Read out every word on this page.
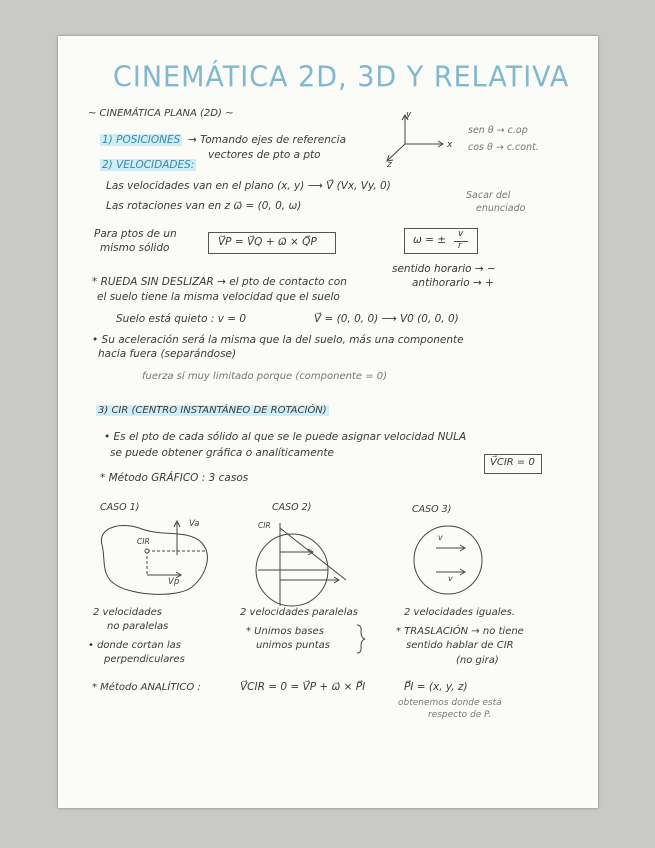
CINEMÁTICA 2D, 3D Y RELATIVA
~ CINEMÁTICA PLANA (2D) ~
1) POSICIONES → Tomando ejes de referencia
vectores de pto a pto
y
x
z
sen θ → c.op
cos θ → c.cont.
2) VELOCIDADES:
Las velocidades van en el plano (x, y) ⟶ V⃗ (Vx, Vy, 0)
Las rotaciones van en z ω⃗ = (0, 0, ω)
Sacar del
enunciado
Para ptos de un
mismo sólido	V⃗P = V⃗Q + ω⃗ × Q⃗P	ω = ± v
r
sentido horario → −
antihorario → +
* RUEDA SIN DESLIZAR → el pto de contacto con
el suelo tiene la misma velocidad que el suelo
Suelo está quieto : v = 0	V⃗ = (0, 0, 0) ⟶ V0 (0, 0, 0)
• Su aceleración será la misma que la del suelo, más una componente
hacia fuera (separándose)
fuerza sí muy limitado porque (componente = 0)
3) CIR (CENTRO INSTANTÁNEO DE ROTACIÓN)
• Es el pto de cada sólido al que se le puede asignar velocidad NULA
se puede obtener gráfica o analíticamente
V⃗CIR = 0
* Método GRÁFICO : 3 casos
CASO 1)	CASO 2)	CASO 3)
Va
Vp
CIR
CIR
v
v
2 velocidades
no paralelas
• donde cortan las
perpendiculares
2 velocidades paralelas
* Unimos bases
unimos puntas
2 velocidades iguales.
* TRASLACIÓN → no tiene
sentido hablar de CIR
(no gira)
* Método ANALÍTICO :	V⃗CIR = 0 = V⃗P + ω⃗ × P⃗I	P⃗I = (x, y, z)
obtenemos donde está
respecto de P.
